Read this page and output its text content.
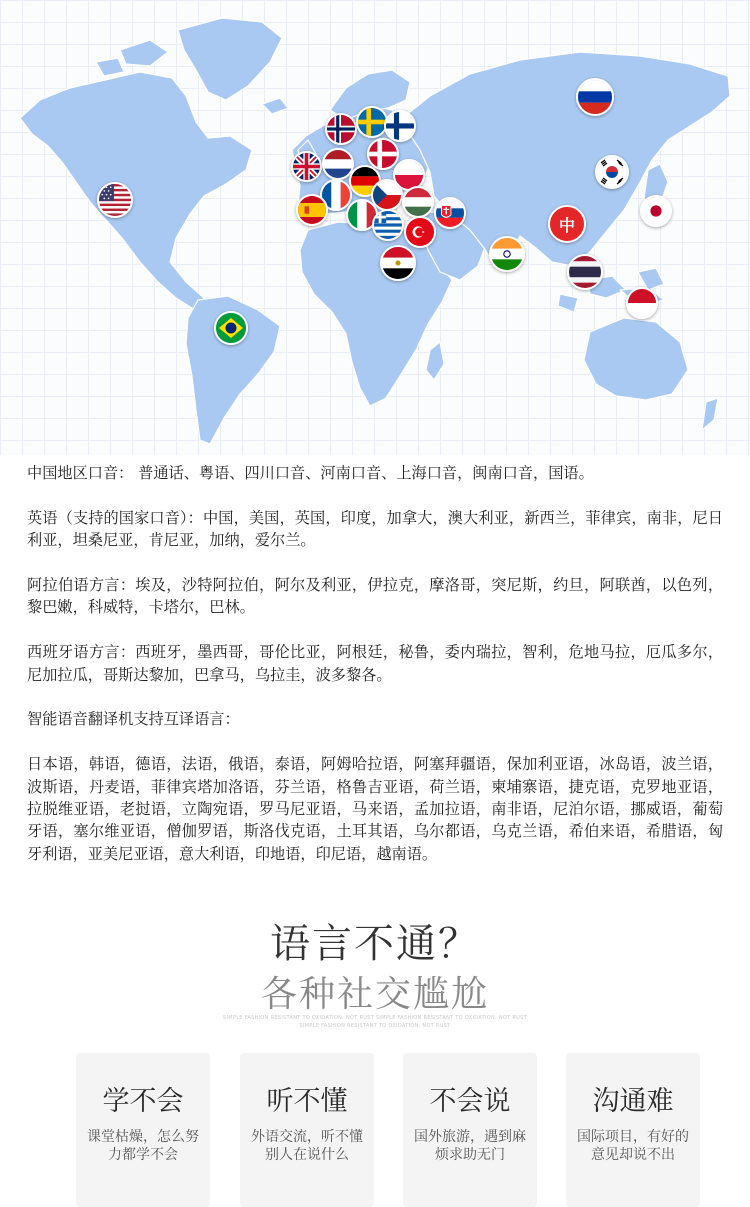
中

中国地区口音： 普通话、粤语、四川口音、河南口音、上海口音，闽南口音，国语。

英语（支持的国家口音）：中国，美国，英国，印度，加拿大，澳大利亚，新西兰，菲律宾，南非，尼日利亚，坦桑尼亚，肯尼亚，加纳，爱尔兰。

阿拉伯语方言：埃及，沙特阿拉伯，阿尔及利亚，伊拉克，摩洛哥，突尼斯，约旦，阿联酋，以色列，黎巴嫩，科威特，卡塔尔，巴林。

西班牙语方言：西班牙，墨西哥，哥伦比亚，阿根廷，秘鲁，委内瑞拉，智利，危地马拉，厄瓜多尔，尼加拉瓜，哥斯达黎加，巴拿马，乌拉圭，波多黎各。

智能语音翻译机支持互译语言：

日本语，韩语，德语，法语，俄语，泰语，阿姆哈拉语，阿塞拜疆语，保加利亚语，冰岛语，波兰语，波斯语，丹麦语，菲律宾塔加洛语，芬兰语，格鲁吉亚语，荷兰语，柬埔寨语，捷克语，克罗地亚语，拉脱维亚语，老挝语，立陶宛语，罗马尼亚语，马来语，孟加拉语，南非语，尼泊尔语，挪威语，葡萄牙语，塞尔维亚语，僧伽罗语，斯洛伐克语，土耳其语，乌尔都语，乌克兰语，希伯来语，希腊语，匈牙利语，亚美尼亚语，意大利语，印地语，印尼语，越南语。

语言不通？
各种社交尴尬
SIMPLE FASHION RESISTANT TO OXIDATION, NOT RUST SIMPLE FASHION RESISTANT TO OXIDATION, NOT RUST
SIMPLE FASHION RESISTANT TO OXIDATION, NOT RUST
学不会
课堂枯燥，怎么努力都学不会
听不懂
外语交流，听不懂别人在说什么
不会说
国外旅游，遇到麻烦求助无门
沟通难
国际项目，有好的意见却说不出
